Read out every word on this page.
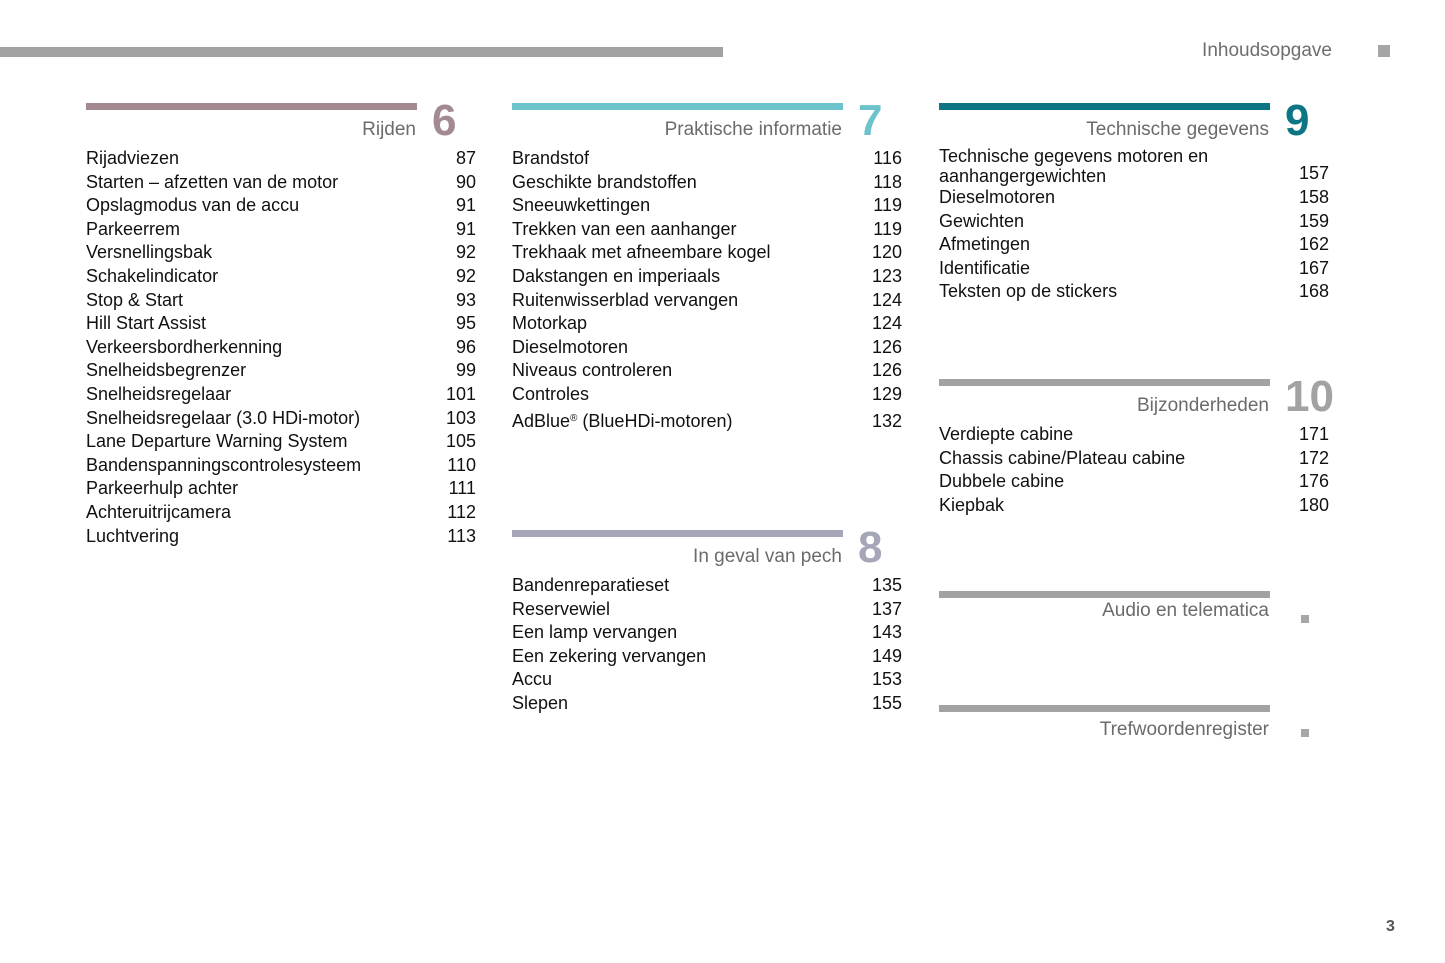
Inhoudsopgave
Rijden 6
Rijadviezen	87
Starten – afzetten van de motor	90
Opslagmodus van de accu	91
Parkeerrem	91
Versnellingsbak	92
Schakelindicator	92
Stop & Start	93
Hill Start Assist	95
Verkeersbordherkenning	96
Snelheidsbegrenzer	99
Snelheidsregelaar	101
Snelheidsregelaar (3.0 HDi-motor)	103
Lane Departure Warning System	105
Bandenspanningscontrolesysteem	110
Parkeerhulp achter	111
Achteruitrijcamera	112
Luchtvering	113
Praktische informatie 7
Brandstof	116
Geschikte brandstoffen	118
Sneeuwkettingen	119
Trekken van een aanhanger	119
Trekhaak met afneembare kogel	120
Dakstangen en imperiaals	123
Ruitenwisserblad vervangen	124
Motorkap	124
Dieselmotoren	126
Niveaus controleren	126
Controles	129
AdBlue® (BlueHDi-motoren)	132
In geval van pech 8
Bandenreparatieset	135
Reservewiel	137
Een lamp vervangen	143
Een zekering vervangen	149
Accu	153
Slepen	155
Technische gegevens 9
Technische gegevens motoren en
aanhangergewichten	157
Dieselmotoren	158
Gewichten	159
Afmetingen	162
Identificatie	167
Teksten op de stickers	168
Bijzonderheden 10
Verdiepte cabine	171
Chassis cabine/Plateau cabine	172
Dubbele cabine	176
Kiepbak	180
Audio en telematica
Trefwoordenregister
3
